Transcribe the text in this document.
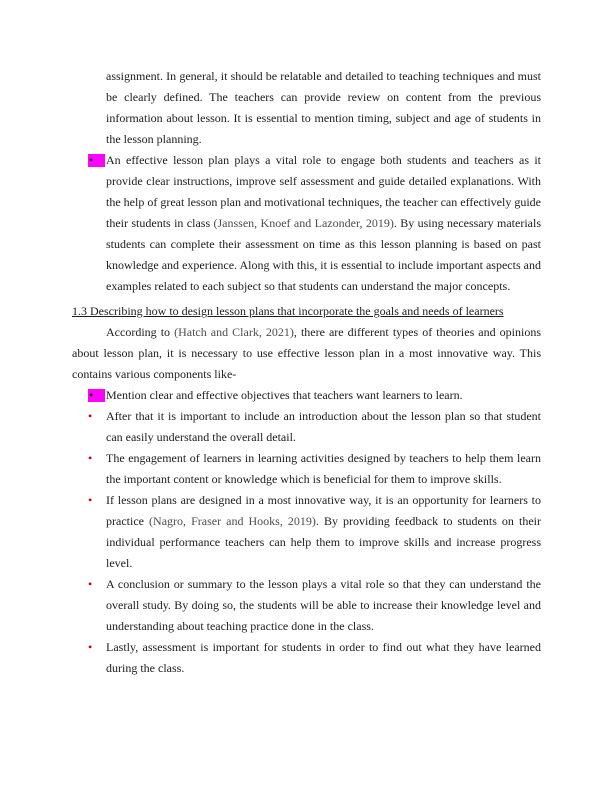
assignment. In general, it should be relatable and detailed to teaching techniques and must be clearly defined. The teachers can provide review on content from the previous information about lesson. It is essential to mention timing, subject and age of students in the lesson planning.

•	An effective lesson plan plays a vital role to engage both students and teachers as it provide clear instructions, improve self assessment and guide detailed explanations. With the help of great lesson plan and motivational techniques, the teacher can effectively guide their students in class (Janssen, Knoef and Lazonder, 2019). By using necessary materials students can complete their assessment on time as this lesson planning is based on past knowledge and experience. Along with this, it is essential to include important aspects and examples related to each subject so that students can understand the major concepts.

1.3 Describing how to design lesson plans that incorporate the goals and needs of learners

According to (Hatch and Clark, 2021), there are different types of theories and opinions about lesson plan, it is necessary to use effective lesson plan in a most innovative way. This contains various components like-

•	Mention clear and effective objectives that teachers want learners to learn.

•	After that it is important to include an introduction about the lesson plan so that student can easily understand the overall detail.

•	The engagement of learners in learning activities designed by teachers to help them learn the important content or knowledge which is beneficial for them to improve skills.

•	If lesson plans are designed in a most innovative way, it is an opportunity for learners to practice (Nagro, Fraser and Hooks, 2019). By providing feedback to students on their individual performance teachers can help them to improve skills and increase progress level.

•	A conclusion or summary to the lesson plays a vital role so that they can understand the overall study. By doing so, the students will be able to increase their knowledge level and understanding about teaching practice done in the class.

•	Lastly, assessment is important for students in order to find out what they have learned during the class.
